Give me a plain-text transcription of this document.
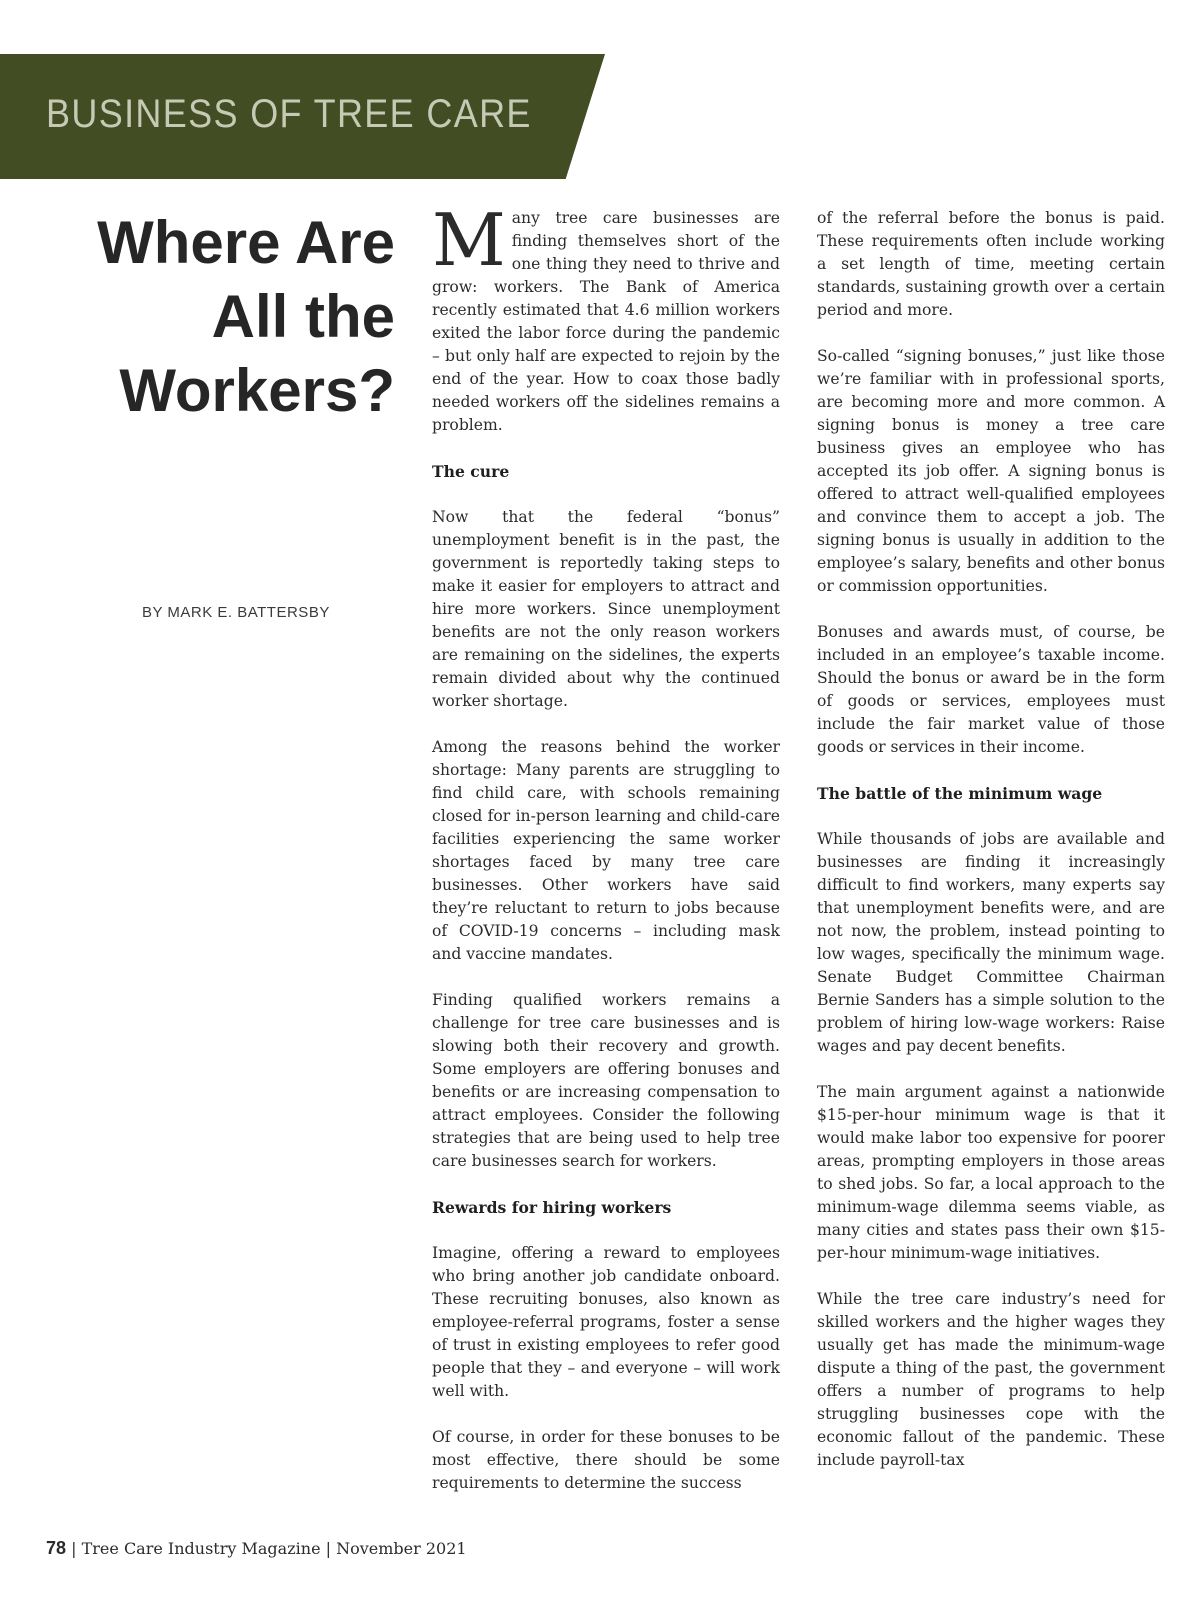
BUSINESS OF TREE CARE
Where Are
All the
Workers?
BY MARK E. BATTERSBY

Many tree care businesses are finding themselves short of the one thing they need to thrive and grow: workers. The Bank of America recently estimated that 4.6 million workers exited the labor force during the pandemic – but only half are expected to rejoin by the end of the year. How to coax those badly needed workers off the sidelines remains a problem.

The cure

Now that the federal “bonus” unemployment benefit is in the past, the government is reportedly taking steps to make it easier for employers to attract and hire more workers. Since unemployment benefits are not the only reason workers are remaining on the sidelines, the experts remain divided about why the continued worker shortage.

Among the reasons behind the worker shortage: Many parents are struggling to find child care, with schools remaining closed for in-person learning and child-care facilities experiencing the same worker shortages faced by many tree care businesses. Other workers have said they’re reluctant to return to jobs because of COVID-19 concerns – including mask and vaccine mandates.

Finding qualified workers remains a challenge for tree care businesses and is slowing both their recovery and growth. Some employers are offering bonuses and benefits or are increasing compensation to attract employees. Consider the following strategies that are being used to help tree care businesses search for workers.

Rewards for hiring workers

Imagine, offering a reward to employees who bring another job candidate onboard. These recruiting bonuses, also known as employee-referral programs, foster a sense of trust in existing employees to refer good people that they – and everyone – will work well with.

Of course, in order for these bonuses to be most effective, there should be some requirements to determine the success

of the referral before the bonus is paid. These requirements often include working a set length of time, meeting certain standards, sustaining growth over a certain period and more.

So-called “signing bonuses,” just like those we’re familiar with in professional sports, are becoming more and more common. A signing bonus is money a tree care business gives an employee who has accepted its job offer. A signing bonus is offered to attract well-qualified employees and convince them to accept a job. The signing bonus is usually in addition to the employee’s salary, benefits and other bonus or commission opportunities.

Bonuses and awards must, of course, be included in an employee’s taxable income. Should the bonus or award be in the form of goods or services, employees must include the fair market value of those goods or services in their income.

The battle of the minimum wage

While thousands of jobs are available and businesses are finding it increasingly difficult to find workers, many experts say that unemployment benefits were, and are not now, the problem, instead pointing to low wages, specifically the minimum wage. Senate Budget Committee Chairman Bernie Sanders has a simple solution to the problem of hiring low-wage workers: Raise wages and pay decent benefits.

The main argument against a nationwide $15-per-hour minimum wage is that it would make labor too expensive for poorer areas, prompting employers in those areas to shed jobs. So far, a local approach to the minimum-wage dilemma seems viable, as many cities and states pass their own $15-per-hour minimum-wage initiatives.

While the tree care industry’s need for skilled workers and the higher wages they usually get has made the minimum-wage dispute a thing of the past, the government offers a number of programs to help struggling businesses cope with the economic fallout of the pandemic. These include payroll-tax

78 | Tree Care Industry Magazine | November 2021
